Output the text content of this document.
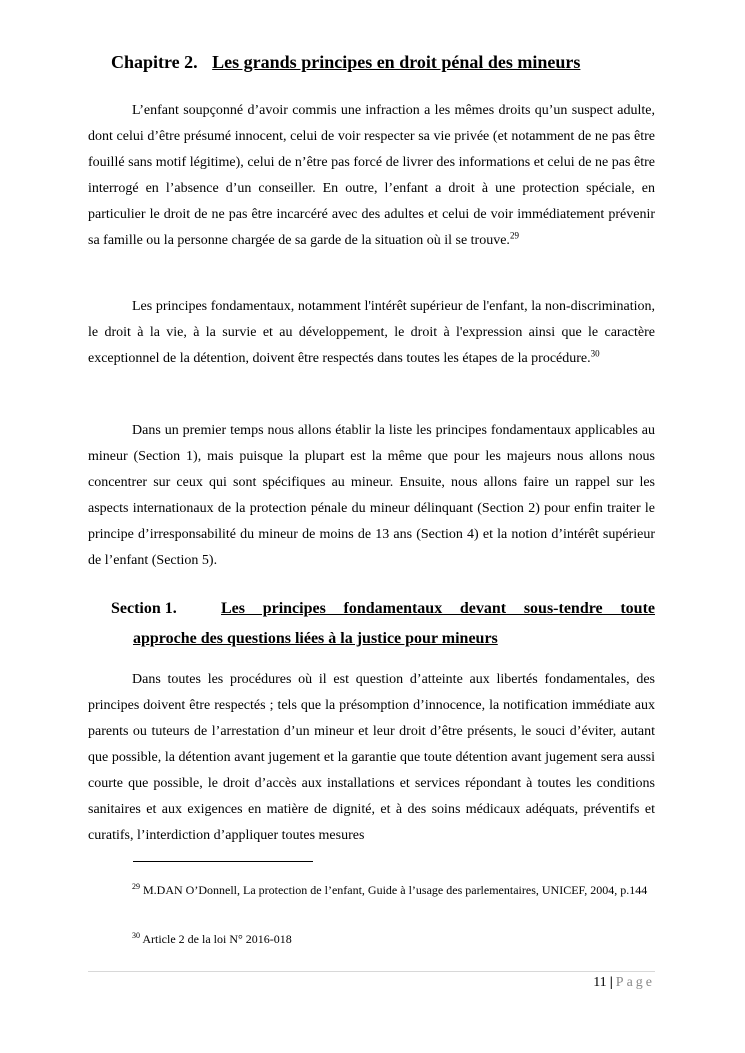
Chapitre 2. Les grands principes en droit pénal des mineurs

L’enfant soupçonné d’avoir commis une infraction a les mêmes droits qu’un suspect adulte, dont celui d’être présumé innocent, celui de voir respecter sa vie privée (et notamment de ne pas être fouillé sans motif légitime), celui de n’être pas forcé de livrer des informations et celui de ne pas être interrogé en l’absence d’un conseiller. En outre, l’enfant a droit à une protection spéciale, en particulier le droit de ne pas être incarcéré avec des adultes et celui de voir immédiatement prévenir sa famille ou la personne chargée de sa garde de la situation où il se trouve.$^{29}$

Les principes fondamentaux, notamment l'intérêt supérieur de l'enfant, la non-discrimination, le droit à la vie, à la survie et au développement, le droit à l'expression ainsi que le caractère exceptionnel de la détention, doivent être respectés dans toutes les étapes de la procédure.$^{30}$

Dans un premier temps nous allons établir la liste les principes fondamentaux applicables au mineur (Section 1), mais puisque la plupart est la même que pour les majeurs nous allons nous concentrer sur ceux qui sont spécifiques au mineur. Ensuite, nous allons faire un rappel sur les aspects internationaux de la protection pénale du mineur délinquant (Section 2) pour enfin traiter le principe d’irresponsabilité du mineur de moins de 13 ans (Section 4) et la notion d’intérêt supérieur de l’enfant (Section 5).

Section 1.	Les principes fondamentaux devant sous-tendre toute
approche des questions liées à la justice pour mineurs

Dans toutes les procédures où il est question d’atteinte aux libertés fondamentales, des principes doivent être respectés ; tels que la présomption d’innocence, la notification immédiate aux parents ou tuteurs de l’arrestation d’un mineur et leur droit d’être présents, le souci d’éviter, autant que possible, la détention avant jugement et la garantie que toute détention avant jugement sera aussi courte que possible, le droit d’accès aux installations et services répondant à toutes les conditions sanitaires et aux exigences en matière de dignité, et à des soins médicaux adéquats, préventifs et curatifs, l’interdiction d’appliquer toutes mesures

$^{29}$ M.DAN O’Donnell, La protection de l’enfant, Guide à l’usage des parlementaires, UNICEF, 2004, p.144

$^{30}$ Article 2 de la loi N° 2016-018

11 | Page
